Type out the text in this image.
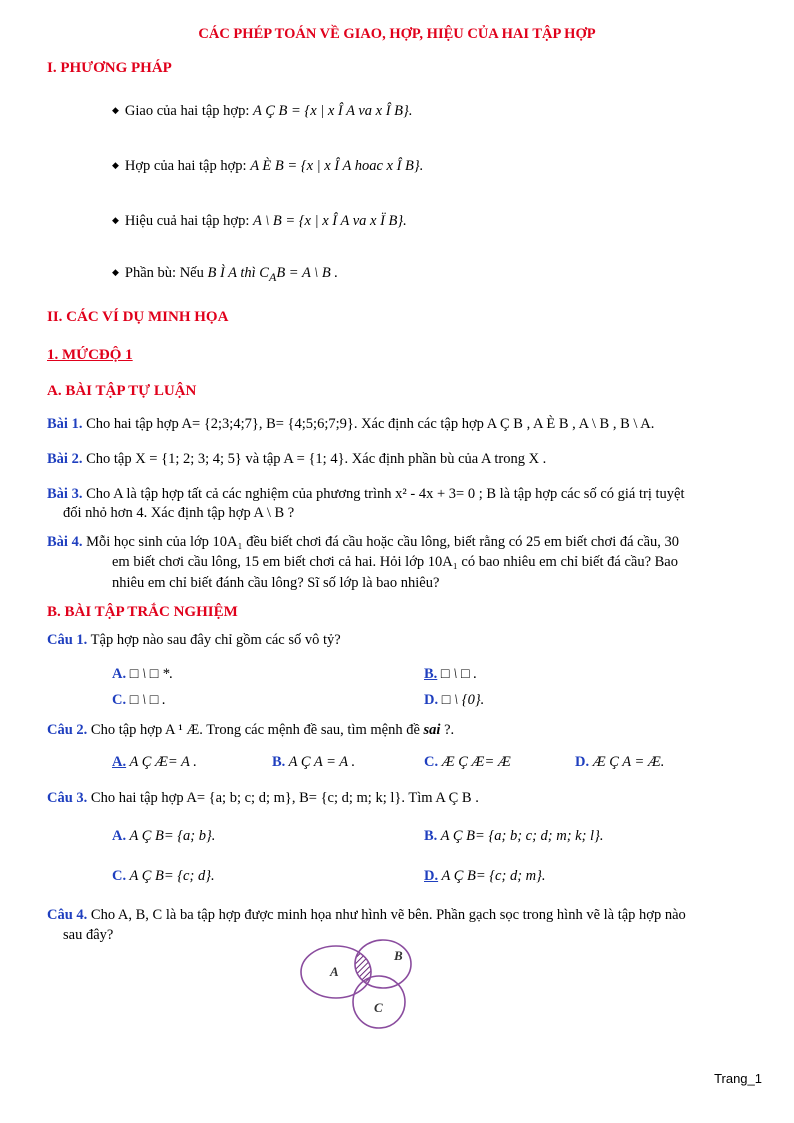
CÁC PHÉP TOÁN VỀ GIAO, HỢP, HIỆU CỦA HAI TẬP HỢP
I. PHƯƠNG PHÁP
◆ Giao của hai tập hợp: A Ç B = {x | x Î A va x Î B}.
◆ Hợp của hai tập hợp: A È B = {x | x Î A hoac x Î B}.
◆ Hiệu cuả hai tập hợp: A \ B = {x | x Î A va x Ï B}.
◆ Phần bù: Nếu B Ì A thì $C_AB = A$ \ B .
II. CÁC VÍ DỤ MINH HỌA
1. MỨCĐỘ 1
A. BÀI TẬP TỰ LUẬN
Bài 1. Cho hai tập hợp A= {2;3;4;7}, B= {4;5;6;7;9}. Xác định các tập hợp A Ç B , A È B , A \ B , B \ A.
Bài 2. Cho tập X = {1; 2; 3; 4; 5} và tập A = {1; 4}. Xác định phần bù của A trong X .
Bài 3. Cho A là tập hợp tất cả các nghiệm của phương trình x² - 4x + 3= 0 ; B là tập hợp các số có giá trị tuyệt
đối nhỏ hơn 4. Xác định tập hợp A \ B ?
Bài 4. Mỗi học sinh của lớp 10A₁ đều biết chơi đá cầu hoặc cầu lông, biết rằng có 25 em biết chơi đá cầu, 30
em biết chơi cầu lông, 15 em biết chơi cả hai. Hỏi lớp 10A₁ có bao nhiêu em chỉ biết đá cầu? Bao
nhiêu em chỉ biết đánh cầu lông? Sĩ số lớp là bao nhiêu?
B. BÀI TẬP TRẮC NGHIỆM
Câu 1. Tập hợp nào sau đây chỉ gồm các số vô tỷ?
A. □ \ □ *.	B. □ \ □ .
C. □ \ □ .	D. □ \ {0}.
Câu 2. Cho tập hợp A ¹ Æ. Trong các mệnh đề sau, tìm mệnh đề sai ?.
A. A Ç Æ= A .	B. A Ç A = A .	C. Æ Ç Æ= Æ	D. Æ Ç A = Æ.
Câu 3. Cho hai tập hợp A= {a; b; c; d; m}, B= {c; d; m; k; l}. Tìm A Ç B .
A. A Ç B= {a; b}.	B. A Ç B= {a; b; c; d; m; k; l}.
C. A Ç B= {c; d}.	D. A Ç B= {c; d; m}.
Câu 4. Cho A, B, C là ba tập hợp được minh họa như hình vẽ bên. Phần gạch sọc trong hình vẽ là tập hợp nào
sau đây?
A
B
C
Trang_1
